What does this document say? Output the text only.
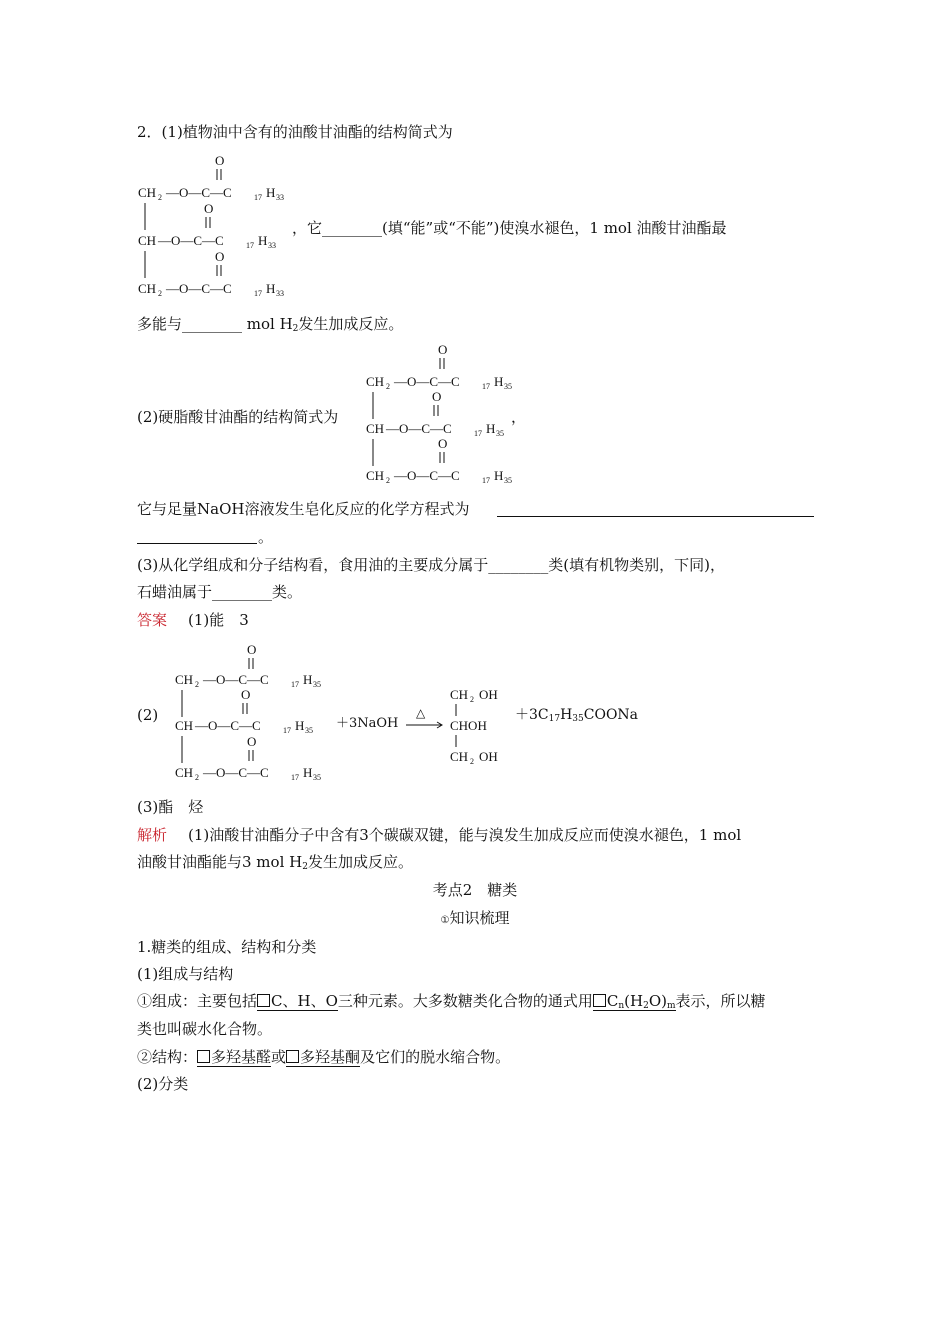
2．(1)植物油中含有的油酸甘油酯的结构简式为
O
CH 2 —O—C—C	17 H 33
O
CH —O—C—C	17 H 33
O
CH 2 —O—C—C	17 H 33
，它________(填“能”或“不能”)使溴水褪色，1 mol 油酸甘油酯最
多能与________ mol $H_2$发生加成反应。
O
CH 2 —O—C—C	17 H 35
O
CH —O—C—C	17 H 35
O
CH 2 —O—C—C	17 H 35
(2)硬脂酸甘油酯的结构简式为	，
它与足量NaOH溶液发生皂化反应的化学方程式为
。
(3)从化学组成和分子结构看，食用油的主要成分属于________类(填有机物类别，下同)，
石蜡油属于________类。
答案 (1)能　3
(2)
O
CH 2 —O—C—C	17 H 35
O
CH —O—C—C	17 H 35
O
CH 2 —O—C—C	17 H 35
＋3NaOH
△
CH 2 OH
CHOH
CH 2 OH
$+3C_{17}H_{35}COONa$
(3)酯　烃
解析 (1)油酸甘油酯分子中含有3个碳碳双键，能与溴发生加成反应而使溴水褪色，1 mol
油酸甘油酯能与3 mol $H_2$发生加成反应。
考点2　糖类
①知识梳理
1.糖类的组成、结构和分类
(1)组成与结构
①组成：主要包括 C、H、O三种元素。大多数糖类化合物的通式用 $C_n(H_2O)_m$表示，所以糖
类也叫碳水化合物。
②结构： 多羟基醛或 多羟基酮及它们的脱水缩合物。
(2)分类
